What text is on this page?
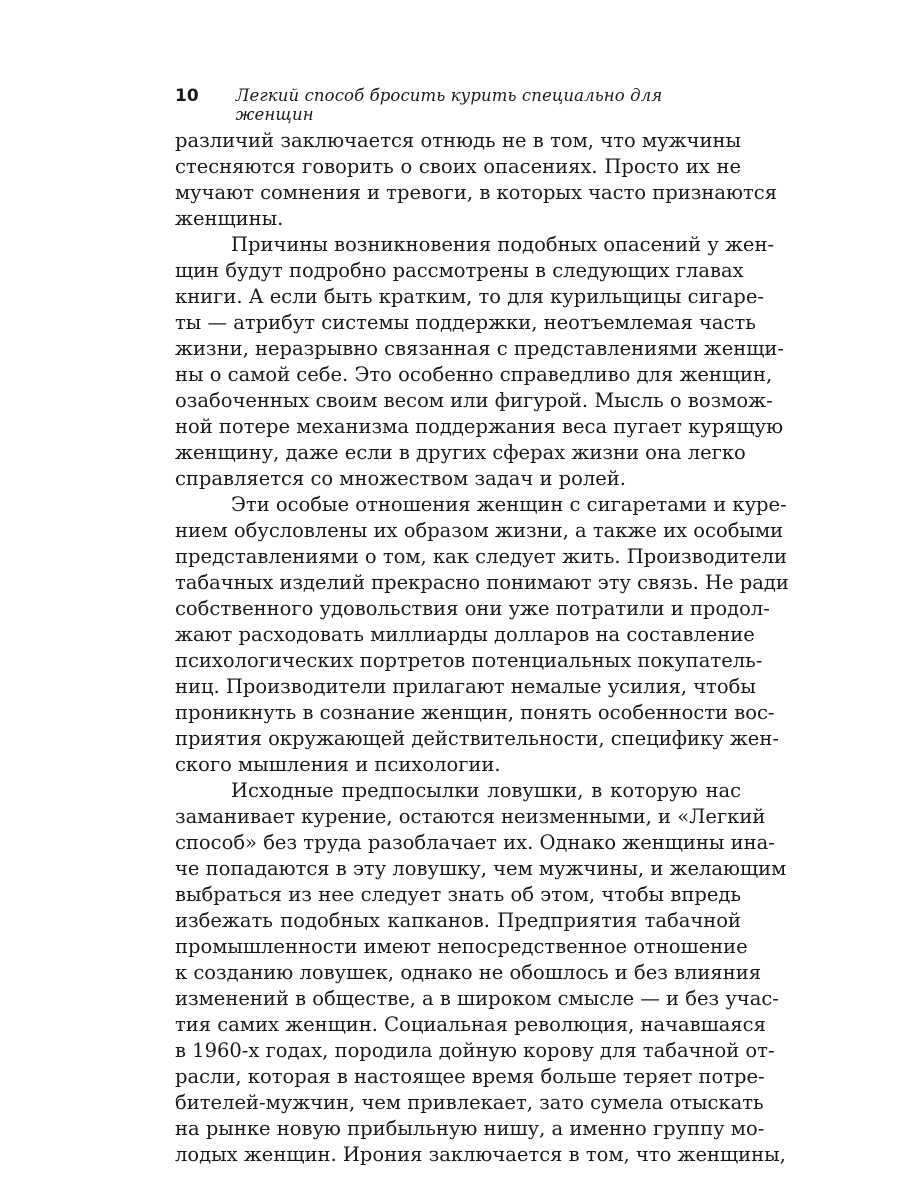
10 Легкий способ бросить курить специально для женщин

различий заключается отнюдь не в том, что мужчины
стесняются говорить о своих опасениях. Просто их не
мучают сомнения и тревоги, в которых часто признаются
женщины.

Причины возникновения подобных опасений у жен-
щин будут подробно рассмотрены в следующих главах
книги. А если быть кратким, то для курильщицы сигаре-
ты — атрибут системы поддержки, неотъемлемая часть
жизни, неразрывно связанная с представлениями женщи-
ны о самой себе. Это особенно справедливо для женщин,
озабоченных своим весом или фигурой. Мысль о возмож-
ной потере механизма поддержания веса пугает курящую
женщину, даже если в других сферах жизни она легко
справляется со множеством задач и ролей.

Эти особые отношения женщин с сигаретами и куре-
нием обусловлены их образом жизни, а также их особыми
представлениями о том, как следует жить. Производители
табачных изделий прекрасно понимают эту связь. Не ради
собственного удовольствия они уже потратили и продол-
жают расходовать миллиарды долларов на составление
психологических портретов потенциальных покупатель-
ниц. Производители прилагают немалые усилия, чтобы
проникнуть в сознание женщин, понять особенности вос-
приятия окружающей действительности, специфику жен-
ского мышления и психологии.

Исходные предпосылки ловушки, в которую нас
заманивает курение, остаются неизменными, и «Легкий
способ» без труда разоблачает их. Однако женщины ина-
че попадаются в эту ловушку, чем мужчины, и желающим
выбраться из нее следует знать об этом, чтобы впредь
избежать подобных капканов. Предприятия табачной
промышленности имеют непосредственное отношение
к созданию ловушек, однако не обошлось и без влияния
изменений в обществе, а в широком смысле — и без учас-
тия самих женщин. Социальная революция, начавшаяся
в 1960-х годах, породила дойную корову для табачной от-
расли, которая в настоящее время больше теряет потре-
бителей-мужчин, чем привлекает, зато сумела отыскать
на рынке новую прибыльную нишу, а именно группу мо-
лодых женщин. Ирония заключается в том, что женщины,
